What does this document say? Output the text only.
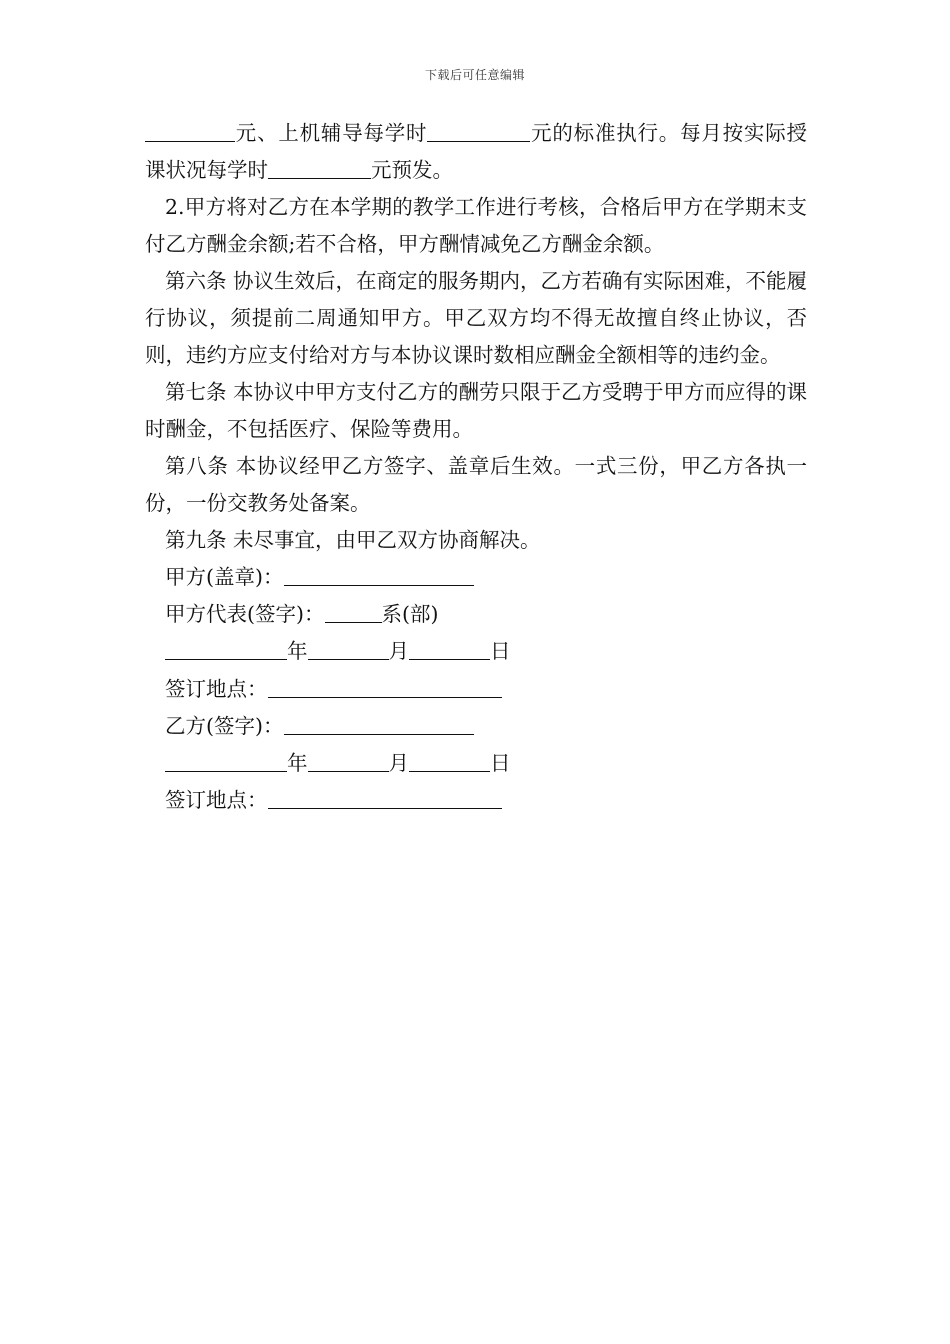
下载后可任意编辑

元、上机辅导每学时	元的标准执行。每月按实际授课状况每学时	元预发。

2.甲方将对乙方在本学期的教学工作进行考核，合格后甲方在学期末支付乙方酬金余额;若不合格，甲方酬情减免乙方酬金余额。

第六条 协议生效后，在商定的服务期内，乙方若确有实际困难，不能履行协议，须提前二周通知甲方。甲乙双方均不得无故擅自终止协议，否则，违约方应支付给对方与本协议课时数相应酬金全额相等的违约金。

第七条 本协议中甲方支付乙方的酬劳只限于乙方受聘于甲方而应得的课时酬金，不包括医疗、保险等费用。

第八条 本协议经甲乙方签字、盖章后生效。一式三份，甲乙方各执一份，一份交教务处备案。

第九条 未尽事宜，由甲乙双方协商解决。

甲方(盖章)：

甲方代表(签字)：	系(部)

年	月	日

签订地点：

乙方(签字)：

年	月	日

签订地点：
